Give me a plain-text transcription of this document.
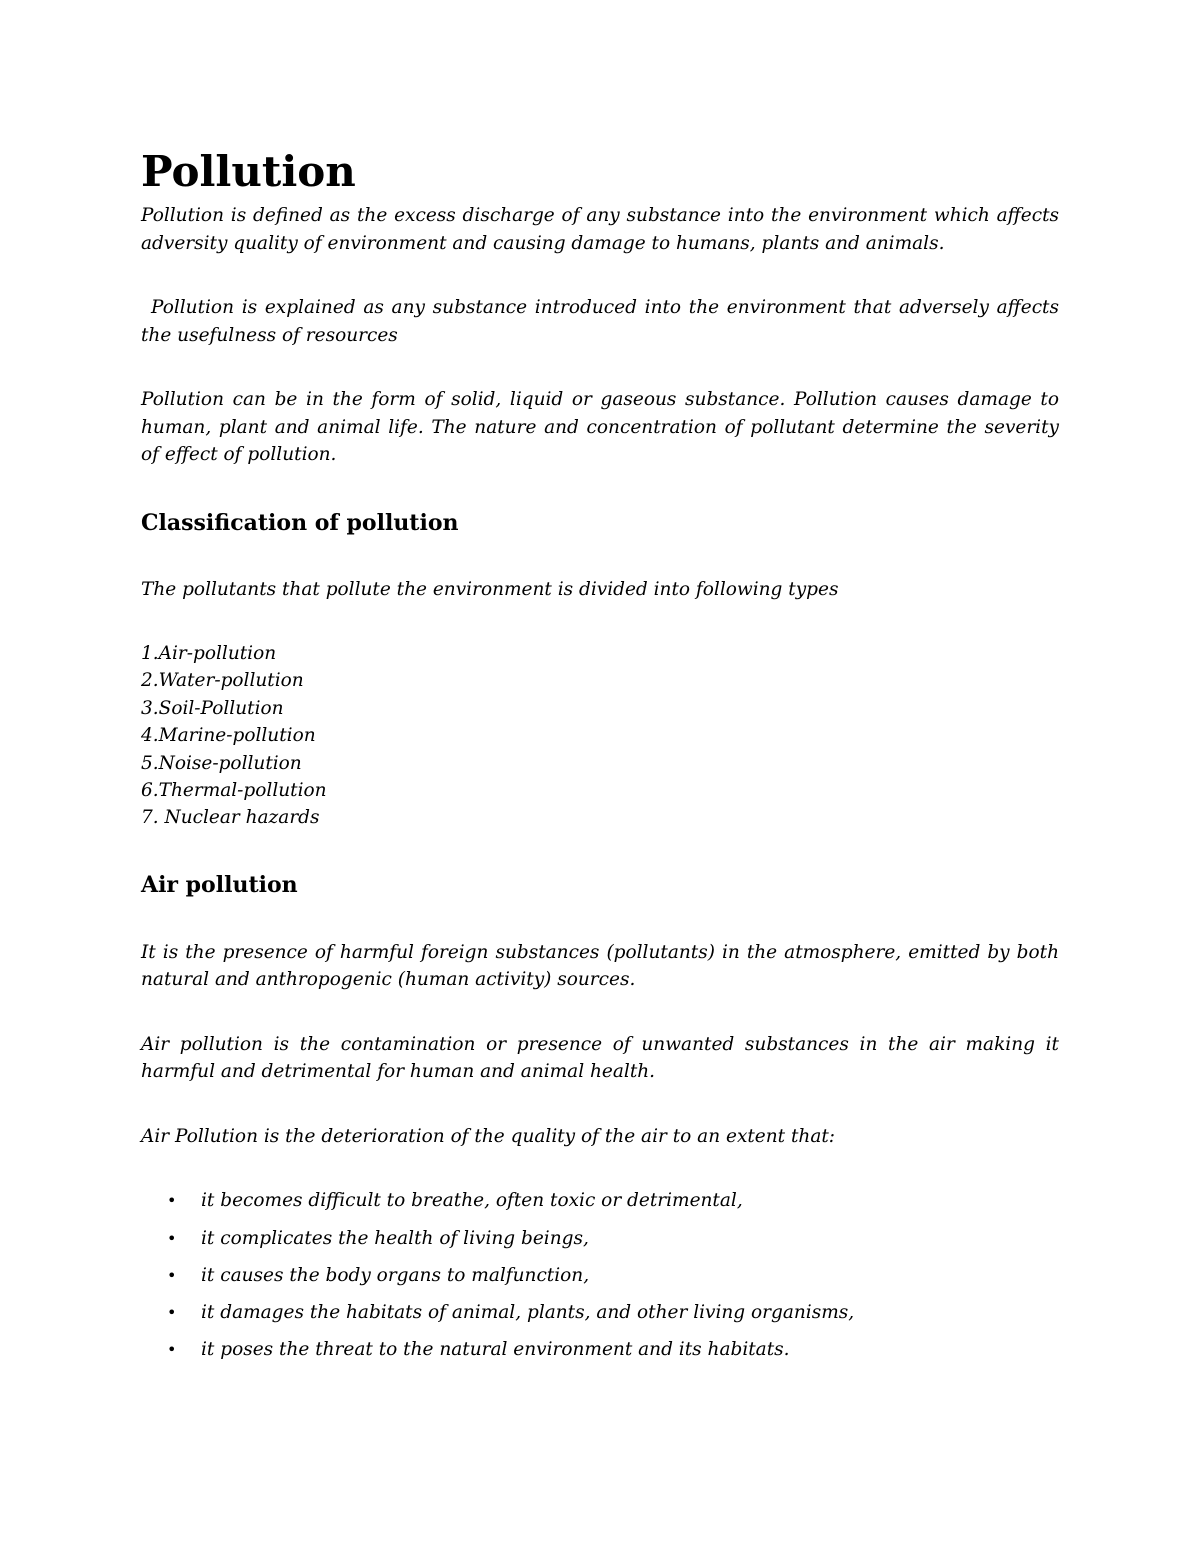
Pollution

Pollution is defined as the excess discharge of any substance into the environment which affects adversity quality of environment and causing damage to humans, plants and animals.

Pollution is explained as any substance introduced into the environment that adversely affects the usefulness of resources

Pollution can be in the form of solid, liquid or gaseous substance. Pollution causes damage to human, plant and animal life. The nature and concentration of pollutant determine the severity of effect of pollution.

Classification of pollution

The pollutants that pollute the environment is divided into following types

1.Air-pollution
2.Water-pollution
3.Soil-Pollution
4.Marine-pollution
5.Noise-pollution
6.Thermal-pollution
7. Nuclear hazards
Air pollution

It is the presence of harmful foreign substances (pollutants) in the atmosphere, emitted by both natural and anthropogenic (human activity) sources.

Air pollution is the contamination or presence of unwanted substances in the air making it harmful and detrimental for human and animal health.

Air Pollution is the deterioration of the quality of the air to an extent that:

• it becomes difficult to breathe, often toxic or detrimental,
• it complicates the health of living beings,
• it causes the body organs to malfunction,
• it damages the habitats of animal, plants, and other living organisms,
• it poses the threat to the natural environment and its habitats.
